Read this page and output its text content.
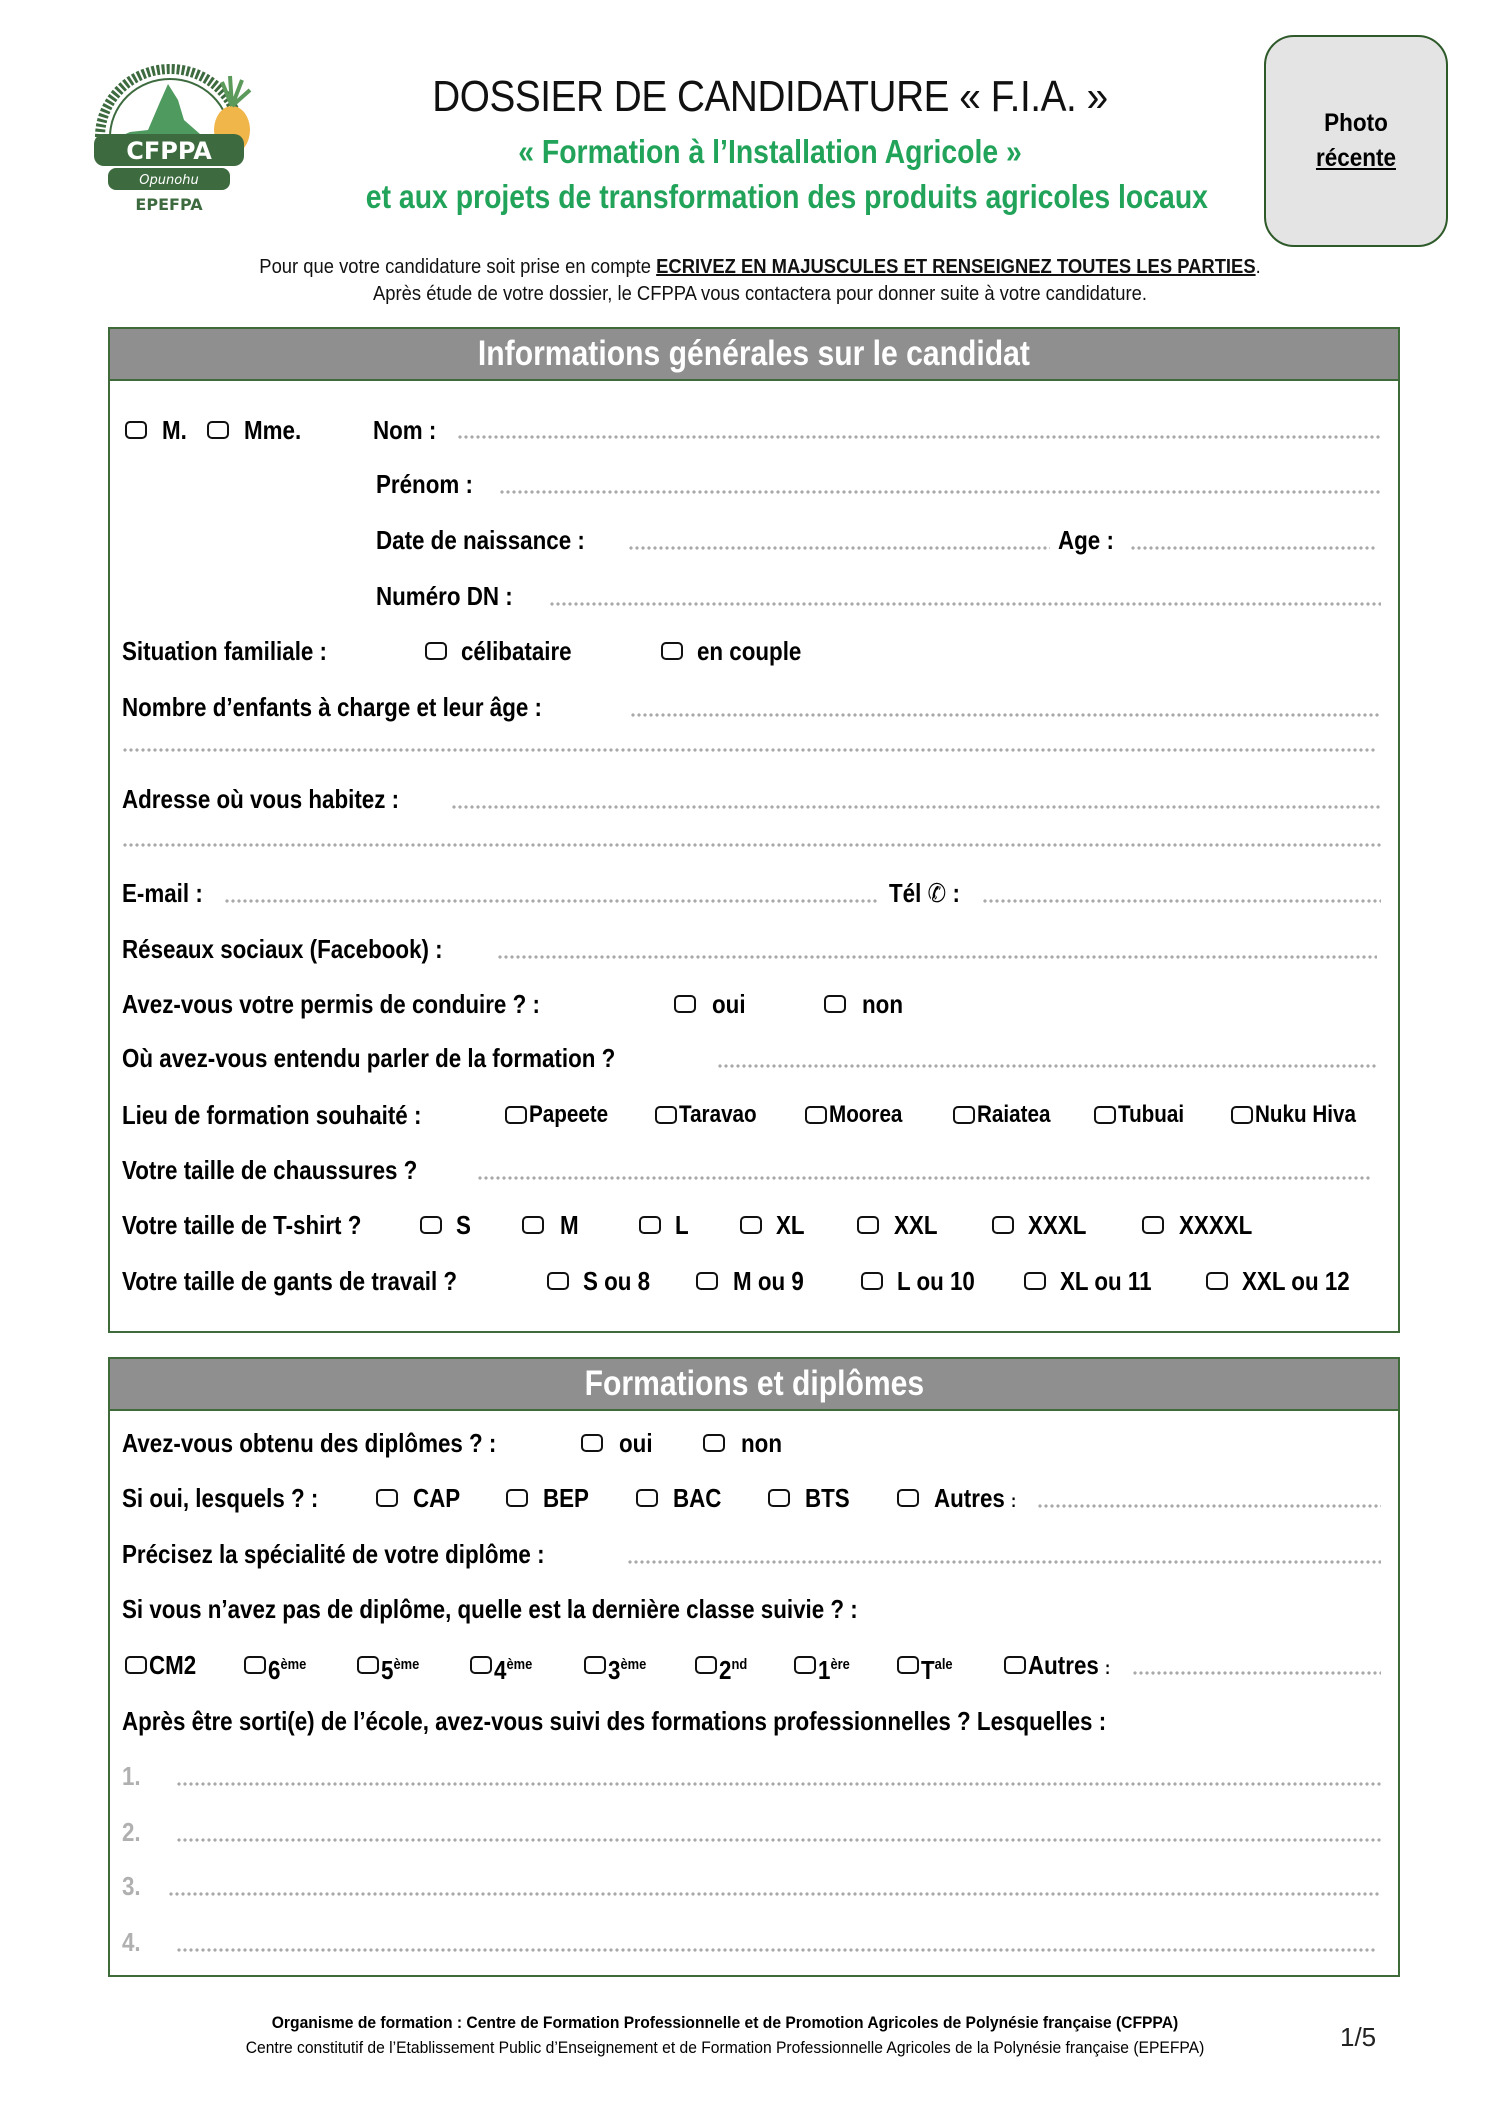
CFPPA
Opunohu
EPEFPA
DOSSIER DE CANDIDATURE « F.I.A. »
« Formation à l’Installation Agricole »
et aux projets de transformation des produits agricoles locaux
Photo
récente
Pour que votre candidature soit prise en compte ECRIVEZ EN MAJUSCULES ET RENSEIGNEZ TOUTES LES PARTIES.
Après étude de votre dossier, le CFPPA vous contactera pour donner suite à votre candidature.
Informations générales sur le candidat
M. Mme.	Nom :
Prénom :
Date de naissance :	Age :
Numéro DN :
Situation familiale :	célibataire	en couple
Nombre d’enfants à charge et leur âge :
Adresse où vous habitez :
E-mail :	Tél ✆ :
Réseaux sociaux (Facebook) :
Avez-vous votre permis de conduire ? :	oui	non
Où avez-vous entendu parler de la formation ?
Lieu de formation souhaité :	Papeete	Taravao	Moorea	Raiatea	Tubuai	Nuku Hiva
Votre taille de chaussures ?
Votre taille de T-shirt ?	S	M	L	XL	XXL	XXXL	XXXXL
Votre taille de gants de travail ?	S ou 8	M ou 9	L ou 10	XL ou 11	XXL ou 12
Formations et diplômes
Avez-vous obtenu des diplômes ? :	oui	non
Si oui, lesquels ? :	CAP	BEP	BAC	BTS	Autres :
Précisez la spécialité de votre diplôme :
Si vous n’avez pas de diplôme, quelle est la dernière classe suivie ? :
CM2	6ème	5ème	4ème	3ème	2nd	1ère	$T^{ale}$	Autres :
Après être sorti(e) de l’école, avez-vous suivi des formations professionnelles ? Lesquelles :
1.
2.
3.
4.
Organisme de formation : Centre de Formation Professionnelle et de Promotion Agricoles de Polynésie française (CFPPA)
Centre constitutif de l’Etablissement Public d’Enseignement et de Formation Professionnelle Agricoles de la Polynésie française (EPEFPA)	1/5
